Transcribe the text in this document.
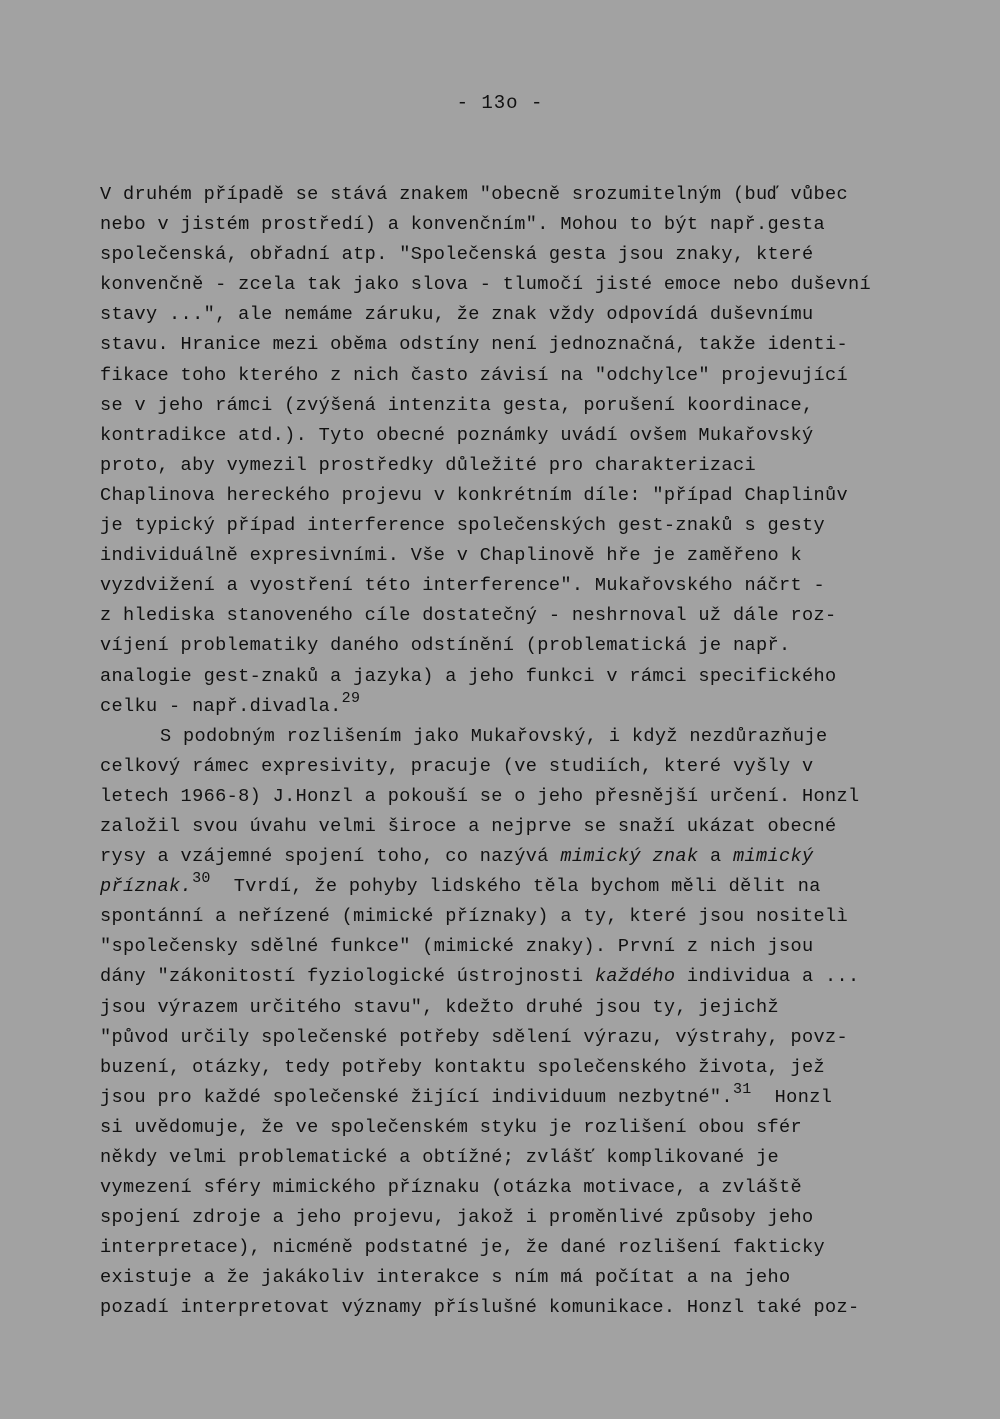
- 13o -
V druhém případě se stává znakem "obecně srozumitelným (buď vůbec
nebo v jistém prostředí) a konvenčním". Mohou to být např.gesta
společenská, obřadní atp. "Společenská gesta jsou znaky, které
konvenčně - zcela tak jako slova - tlumočí jisté emoce nebo duševní
stavy ...", ale nemáme záruku, že znak vždy odpovídá duševnímu
stavu. Hranice mezi oběma odstíny není jednoznačná, takže identi-
fikace toho kterého z nich často závisí na "odchylce" projevující
se v jeho rámci (zvýšená intenzita gesta, porušení koordinace,
kontradikce atd.). Tyto obecné poznámky uvádí ovšem Mukařovský
proto, aby vymezil prostředky důležité pro charakterizaci
Chaplinova hereckého projevu v konkrétním díle: "případ Chaplinův
je typický případ interference společenských gest-znaků s gesty
individuálně expresivními. Vše v Chaplinově hře je zaměřeno k
vyzdvižení a vyostření této interference". Mukařovského náčrt -
z hlediska stanoveného cíle dostatečný - neshrnoval už dále roz-
víjení problematiky daného odstínění (problematická je např.
analogie gest-znaků a jazyka) a jeho funkci v rámci specifického
celku - např.divadla.$^{29}$
S podobným rozlišením jako Mukařovský, i když nezdůrazňuje
celkový rámec expresivity, pracuje (ve studiích, které vyšly v
letech 1966-8) J.Honzl a pokouší se o jeho přesnější určení. Honzl
založil svou úvahu velmi široce a nejprve se snaží ukázat obecné
rysy a vzájemné spojení toho, co nazývá mimický znak a mimický
příznak.$^{30}$  Tvrdí, že pohyby lidského těla bychom měli dělit na
spontánní a neřízené (mimické příznaky) a ty, které jsou nositelì
"společensky sdělné funkce" (mimické znaky). První z nich jsou
dány "zákonitostí fyziologické ústrojnosti každého individua a ...
jsou výrazem určitého stavu", kdežto druhé jsou ty, jejichž
"původ určily společenské potřeby sdělení výrazu, výstrahy, povz-
buzení, otázky, tedy potřeby kontaktu společenského života, jež
jsou pro každé společenské žijící individuum nezbytné".$^{31}$  Honzl
si uvědomuje, že ve společenském styku je rozlišení obou sfér
někdy velmi problematické a obtížné; zvlášť komplikované je
vymezení sféry mimického příznaku (otázka motivace, a zvláště
spojení zdroje a jeho projevu, jakož i proměnlivé způsoby jeho
interpretace), nicméně podstatné je, že dané rozlišení fakticky
existuje a že jakákoliv interakce s ním má počítat a na jeho
pozadí interpretovat významy příslušné komunikace. Honzl také poz-
